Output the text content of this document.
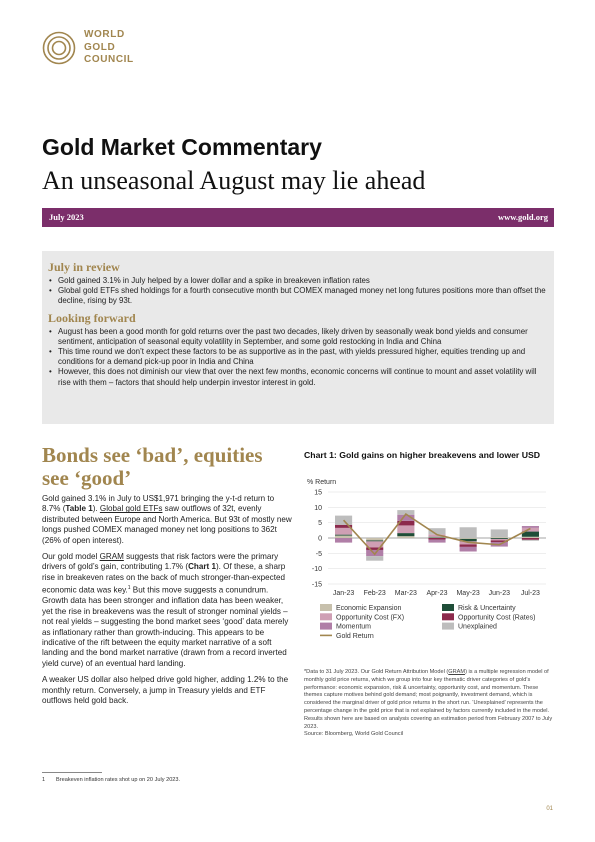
WORLD
GOLD
COUNCIL
Gold Market Commentary
An unseasonal August may lie ahead
July 2023	www.gold.org
July in review
• Gold gained 3.1% in July helped by a lower dollar and a spike in breakeven inflation rates
• Global gold ETFs shed holdings for a fourth consecutive month but COMEX managed money net long futures positions more than offset the decline, rising by 93t.
Looking forward
• August has been a good month for gold returns over the past two decades, likely driven by seasonally weak bond yields and consumer sentiment, anticipation of seasonal equity volatility in September, and some gold restocking in India and China
• This time round we don’t expect these factors to be as supportive as in the past, with yields pressured higher, equities trending up and conditions for a demand pick-up poor in India and China
• However, this does not diminish our view that over the next few months, economic concerns will continue to mount and asset volatility will rise with them – factors that should help underpin investor interest in gold.
Bonds see ‘bad’, equities see ‘good’

Gold gained 3.1% in July to US$1,971 bringing the y-t-d return to 8.7% (Table 1). Global gold ETFs saw outflows of 32t, evenly distributed between Europe and North America. But 93t of mostly new longs pushed COMEX managed money net long positions to 362t (26% of open interest).

Our gold model GRAM suggests that risk factors were the primary drivers of gold’s gain, contributing 1.7% (Chart 1). Of these, a sharp rise in breakeven rates on the back of much stronger-than-expected economic data was key.$^1$ But this move suggests a conundrum. Growth data has been stronger and inflation data has been weaker, yet the rise in breakevens was the result of stronger nominal yields – not real yields – suggesting the bond market sees ‘good’ data merely as inflationary rather than growth-inducing. This appears to be indicative of the rift between the equity market narrative of a soft landing and the bond market narrative (drawn from a record inverted yield curve) of an eventual hard landing.

A weaker US dollar also helped drive gold higher, adding 1.2% to the monthly return. Conversely, a jump in Treasury yields and ETF outflows held gold back.

Chart 1: Gold gains on higher breakevens and lower USD
% Return
15
10
5
0
-5
-10
-15
Jan-23 Feb-23 Mar-23 Apr-23 May-23 Jun-23 Jul-23
Economic Expansion	Risk & Uncertainty
Opportunity Cost (FX)	Opportunity Cost (Rates)
Momentum	Unexplained
Gold Return
*Data to 31 July 2023. Our Gold Return Attribution Model (GRAM) is a multiple regression model of monthly gold price returns, which we group into four key thematic driver categories of gold’s performance: economic expansion, risk & uncertainty, opportunity cost, and momentum. These themes capture motives behind gold demand; most poignantly, investment demand, which is considered the marginal driver of gold price returns in the short run. ‘Unexplained’ represents the percentage change in the gold price that is not explained by factors currently included in the model. Results shown here are based on analysis covering an estimation period from February 2007 to July 2023.
Source: Bloomberg, World Gold Council
1 Breakeven inflation rates shot up on 20 July 2023.
01
